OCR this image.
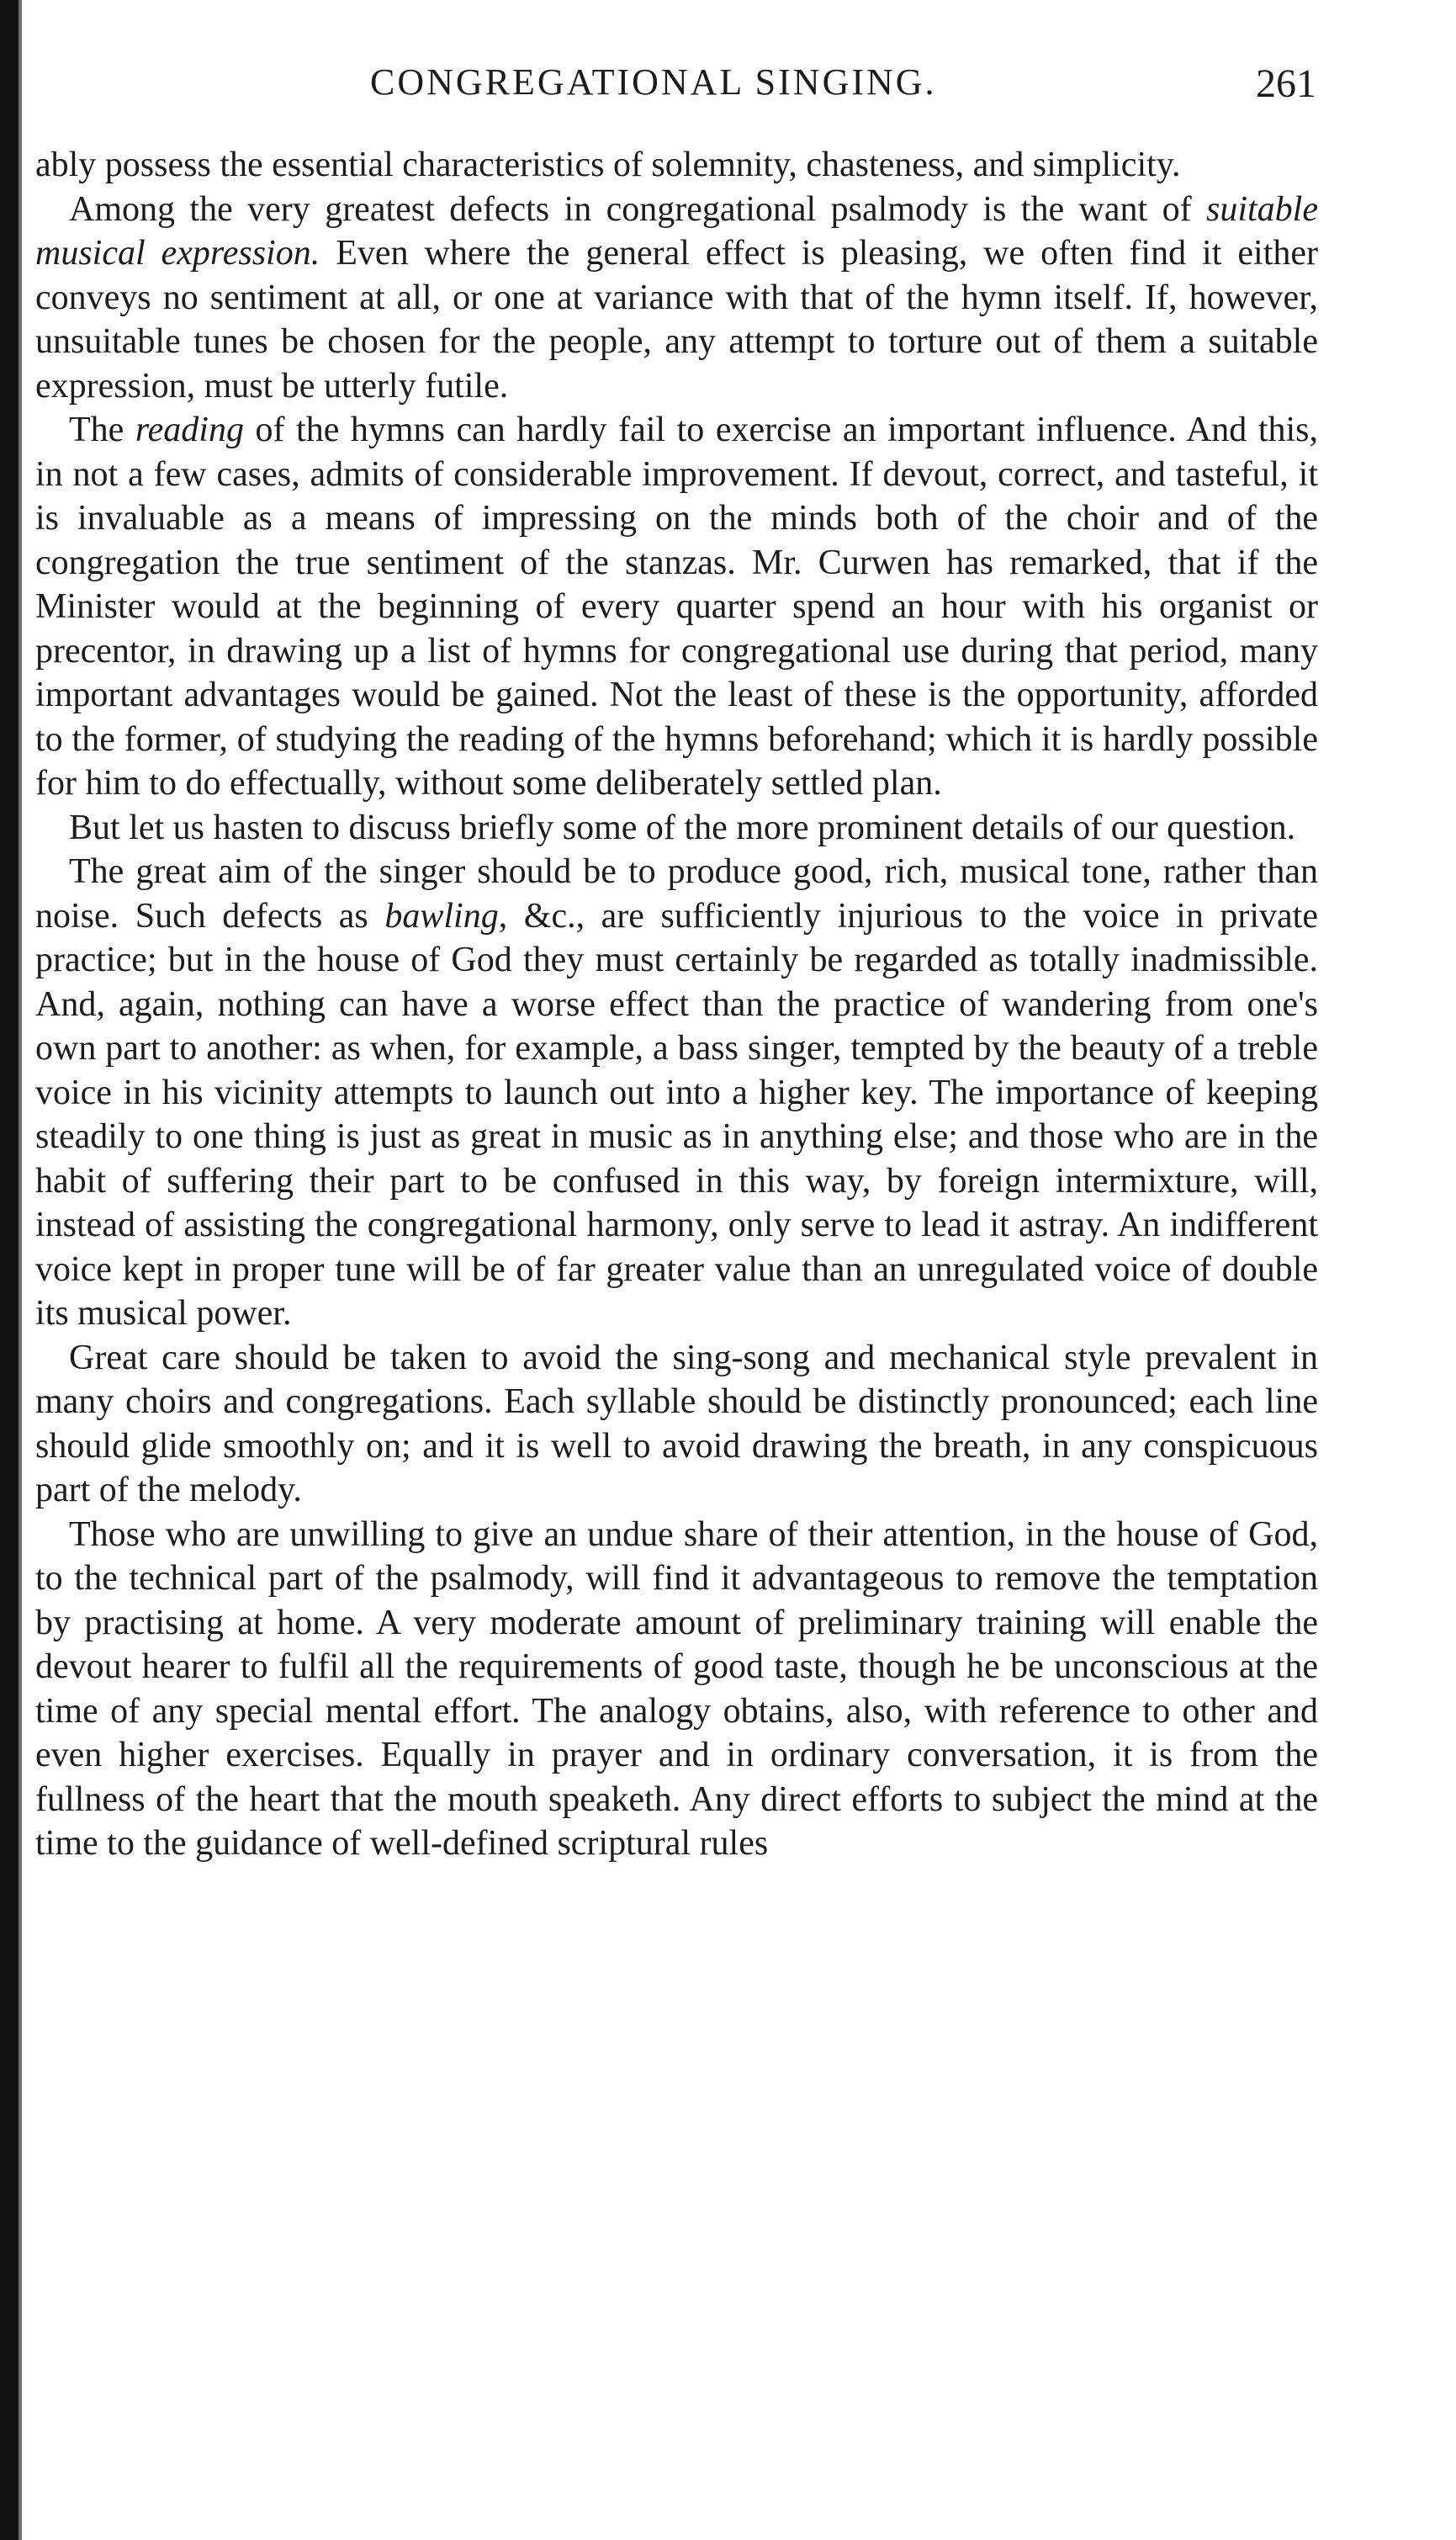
CONGREGATIONAL SINGING.	261

ably possess the essential characteristics of solemnity, chasteness, and simplicity.

Among the very greatest defects in congregational psalmody is the want of suitable musical expression. Even where the general effect is pleasing, we often find it either conveys no sentiment at all, or one at variance with that of the hymn itself. If, however, unsuitable tunes be chosen for the people, any attempt to torture out of them a suitable expression, must be utterly futile.

The reading of the hymns can hardly fail to exercise an important influence. And this, in not a few cases, admits of considerable improvement. If devout, correct, and tasteful, it is invaluable as a means of impressing on the minds both of the choir and of the congregation the true sentiment of the stanzas. Mr. Curwen has remarked, that if the Minister would at the beginning of every quarter spend an hour with his organist or precentor, in drawing up a list of hymns for congregational use during that period, many important advantages would be gained. Not the least of these is the opportunity, afforded to the former, of studying the reading of the hymns beforehand; which it is hardly possible for him to do effectually, without some deliberately settled plan.

But let us hasten to discuss briefly some of the more prominent details of our question.

The great aim of the singer should be to produce good, rich, musical tone, rather than noise. Such defects as bawling, &c., are sufficiently injurious to the voice in private practice; but in the house of God they must certainly be regarded as totally inadmissible. And, again, nothing can have a worse effect than the practice of wandering from one's own part to another: as when, for example, a bass singer, tempted by the beauty of a treble voice in his vicinity attempts to launch out into a higher key. The importance of keeping steadily to one thing is just as great in music as in anything else; and those who are in the habit of suffering their part to be confused in this way, by foreign intermixture, will, instead of assisting the congregational harmony, only serve to lead it astray. An indifferent voice kept in proper tune will be of far greater value than an unregulated voice of double its musical power.

Great care should be taken to avoid the sing-song and mechanical style prevalent in many choirs and congregations. Each syllable should be distinctly pronounced; each line should glide smoothly on; and it is well to avoid drawing the breath, in any conspicuous part of the melody.

Those who are unwilling to give an undue share of their attention, in the house of God, to the technical part of the psalmody, will find it advantageous to remove the temptation by practising at home. A very moderate amount of preliminary training will enable the devout hearer to fulfil all the requirements of good taste, though he be unconscious at the time of any special mental effort. The analogy obtains, also, with reference to other and even higher exercises. Equally in prayer and in ordinary conversation, it is from the fullness of the heart that the mouth speaketh. Any direct efforts to subject the mind at the time to the guidance of well-defined scriptural rules
